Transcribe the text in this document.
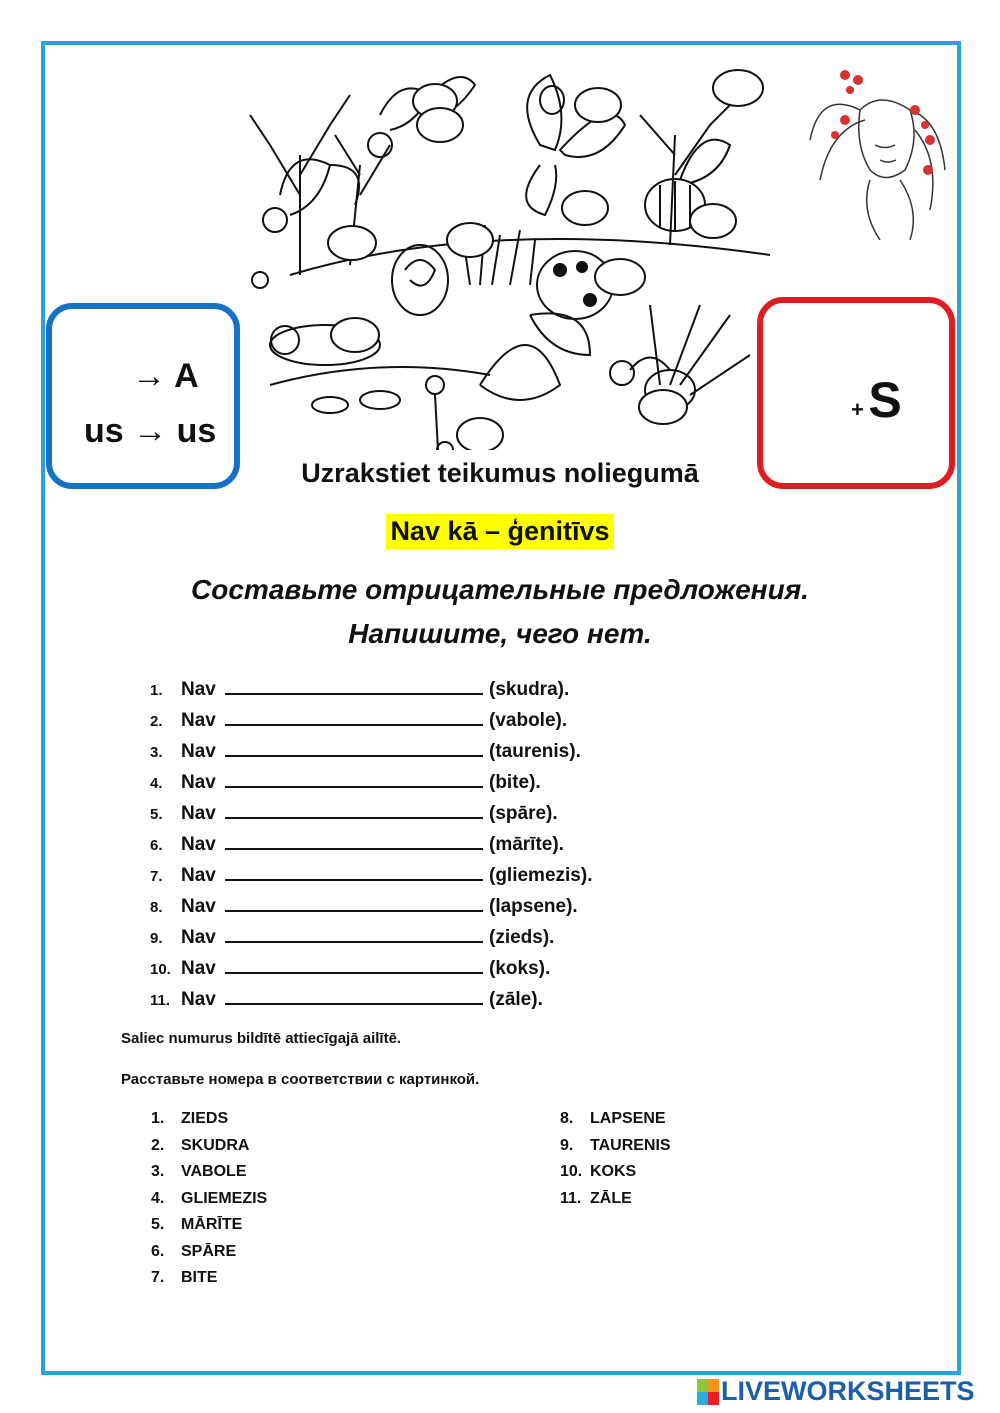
→ A
us → us
+ S
Uzrakstiet teikumus noliegumā
Nav kā – ģenitīvs
Составьте отрицательные предложения.
Напишите, чего нет.
1. Nav	(skudra).
2. Nav	(vabole).
3. Nav	(taurenis).
4. Nav	(bite).
5. Nav	(spāre).
6. Nav	(mārīte).
7. Nav	(gliemezis).
8. Nav	(lapsene).
9. Nav	(zieds).
10. Nav	(koks).
11. Nav	(zāle).
Saliec numurus bildītē attiecīgajā ailītē.
Расставьте номера в соответствии с картинкой.
1. ZIEDS
2. SKUDRA
3. VABOLE
4. GLIEMEZIS
5. MĀRĪTE
6. SPĀRE
7. BITE
8. LAPSENE
9. TAURENIS
10. KOKS
11. ZĀLE
LIVEWORKSHEETS
